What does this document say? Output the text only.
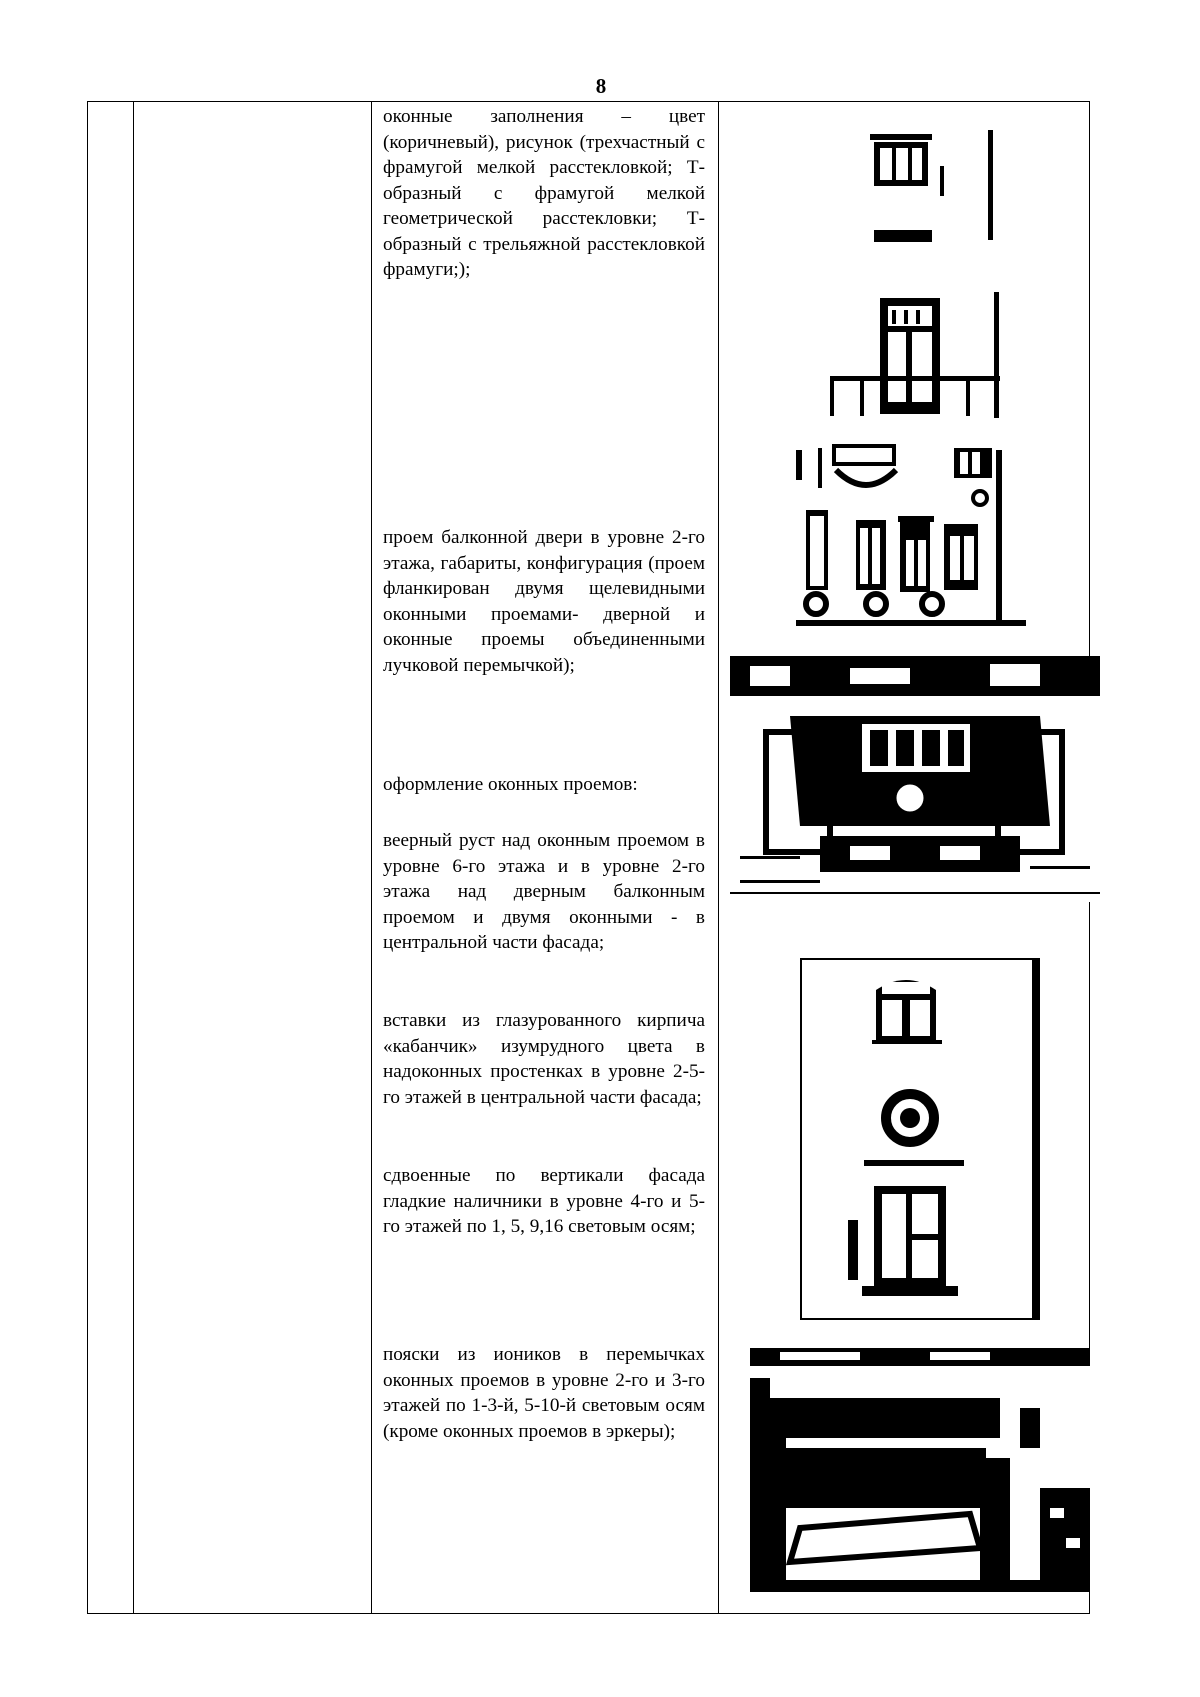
8
оконные заполнения – цвет (коричневый), рисунок (трехчастный с фрамугой мелкой расстекловкой; Т-образный с фрамугой мелкой геометрической расстекловки; Т-образный с трельяжной расстекловкой фрамуги;);
проем балконной двери в уровне 2-го этажа, габариты, конфигурация (проем фланкирован двумя щелевидными оконными проемами- дверной и оконные проемы объединенными лучковой перемычкой);
оформление оконных проемов:
веерный руст над оконным проемом в уровне 6-го этажа и в уровне 2-го этажа над дверным балконным проемом и двумя оконными - в центральной части фасада;
вставки из глазурованного кирпича «кабанчик» изумрудного цвета в надоконных простенках в уровне 2-5-го этажей в центральной части фасада;
сдвоенные по вертикали фасада гладкие наличники в уровне 4-го и 5-го этажей по 1, 5, 9,16 световым осям;
пояски из иоников в перемычках оконных проемов в уровне 2-го и 3-го этажей по 1-3-й, 5-10-й световым осям (кроме оконных проемов в эркеры);
